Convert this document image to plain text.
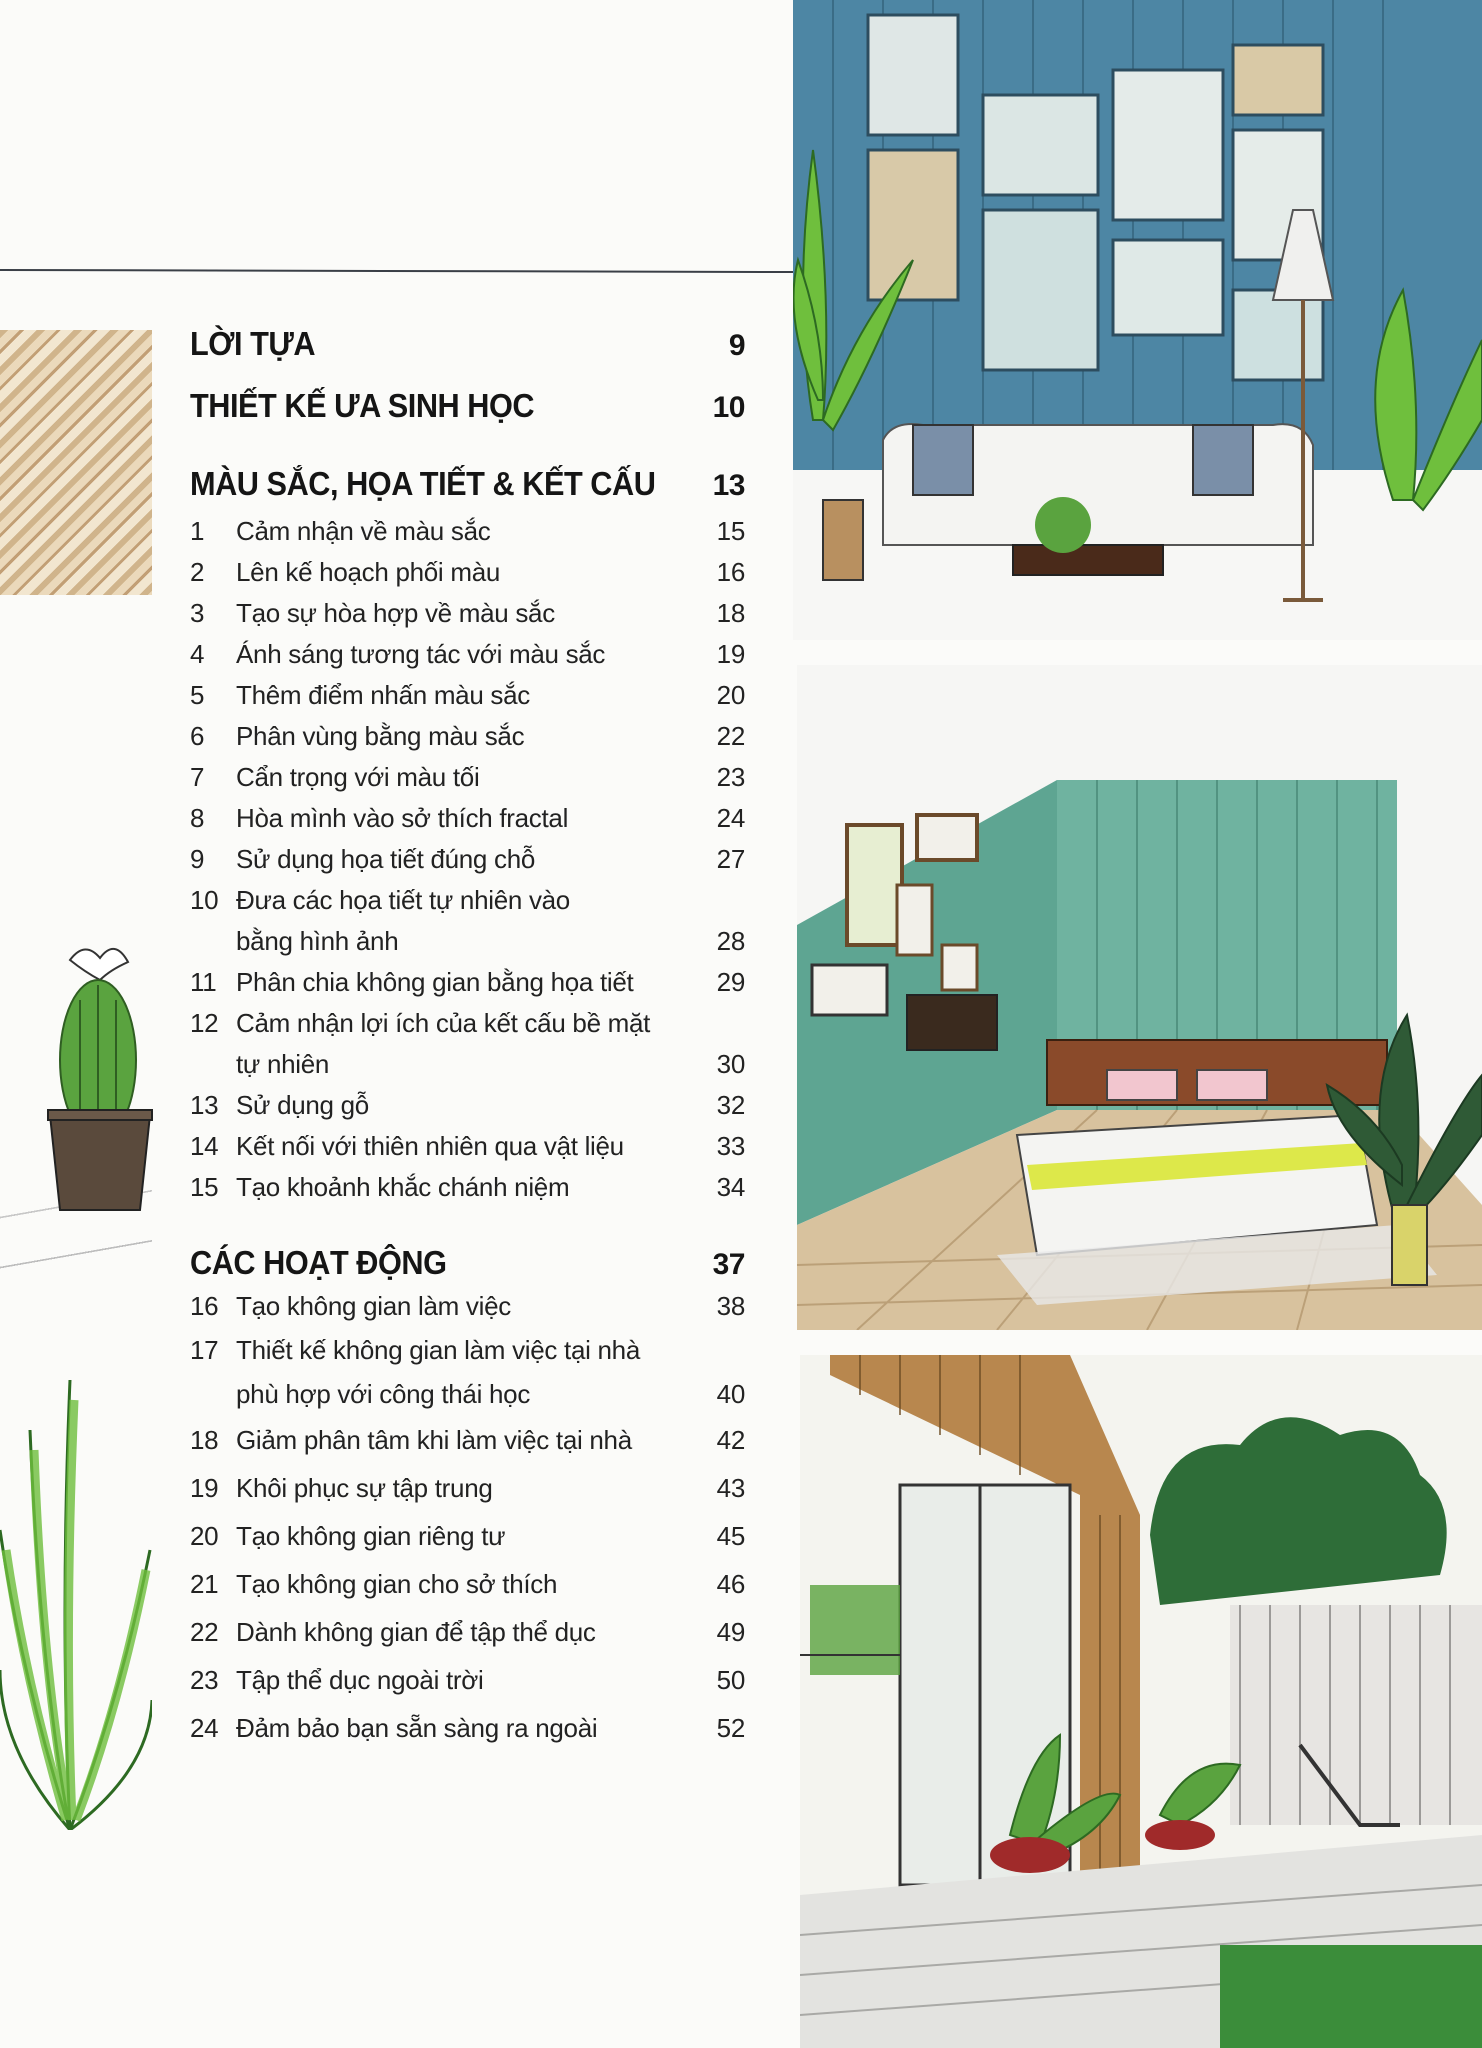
LỜI TỰA	9
THIẾT KẾ ƯA SINH HỌC	10
MÀU SẮC, HỌA TIẾT & KẾT CẤU 13
1	Cảm nhận về màu sắc	15
2	Lên kế hoạch phối màu	16
3	Tạo sự hòa hợp về màu sắc	18
4	Ánh sáng tương tác với màu sắc	19
5	Thêm điểm nhấn màu sắc	20
6	Phân vùng bằng màu sắc	22
7	Cẩn trọng với màu tối	23
8	Hòa mình vào sở thích fractal	24
9	Sử dụng họa tiết đúng chỗ	27
10 Đưa các họa tiết tự nhiên vào
bằng hình ảnh	28
11 Phân chia không gian bằng họa tiết	29
12 Cảm nhận lợi ích của kết cấu bề mặt
tự nhiên	30
13 Sử dụng gỗ	32
14 Kết nối với thiên nhiên qua vật liệu	33
15 Tạo khoảnh khắc chánh niệm	34
CÁC HOẠT ĐỘNG	37
16 Tạo không gian làm việc	38
17 Thiết kế không gian làm việc tại nhà
phù hợp với công thái học	40
18 Giảm phân tâm khi làm việc tại nhà	42
19 Khôi phục sự tập trung	43
20 Tạo không gian riêng tư	45
21 Tạo không gian cho sở thích	46
22 Dành không gian để tập thể dục	49
23 Tập thể dục ngoài trời	50
24 Đảm bảo bạn sẵn sàng ra ngoài	52
